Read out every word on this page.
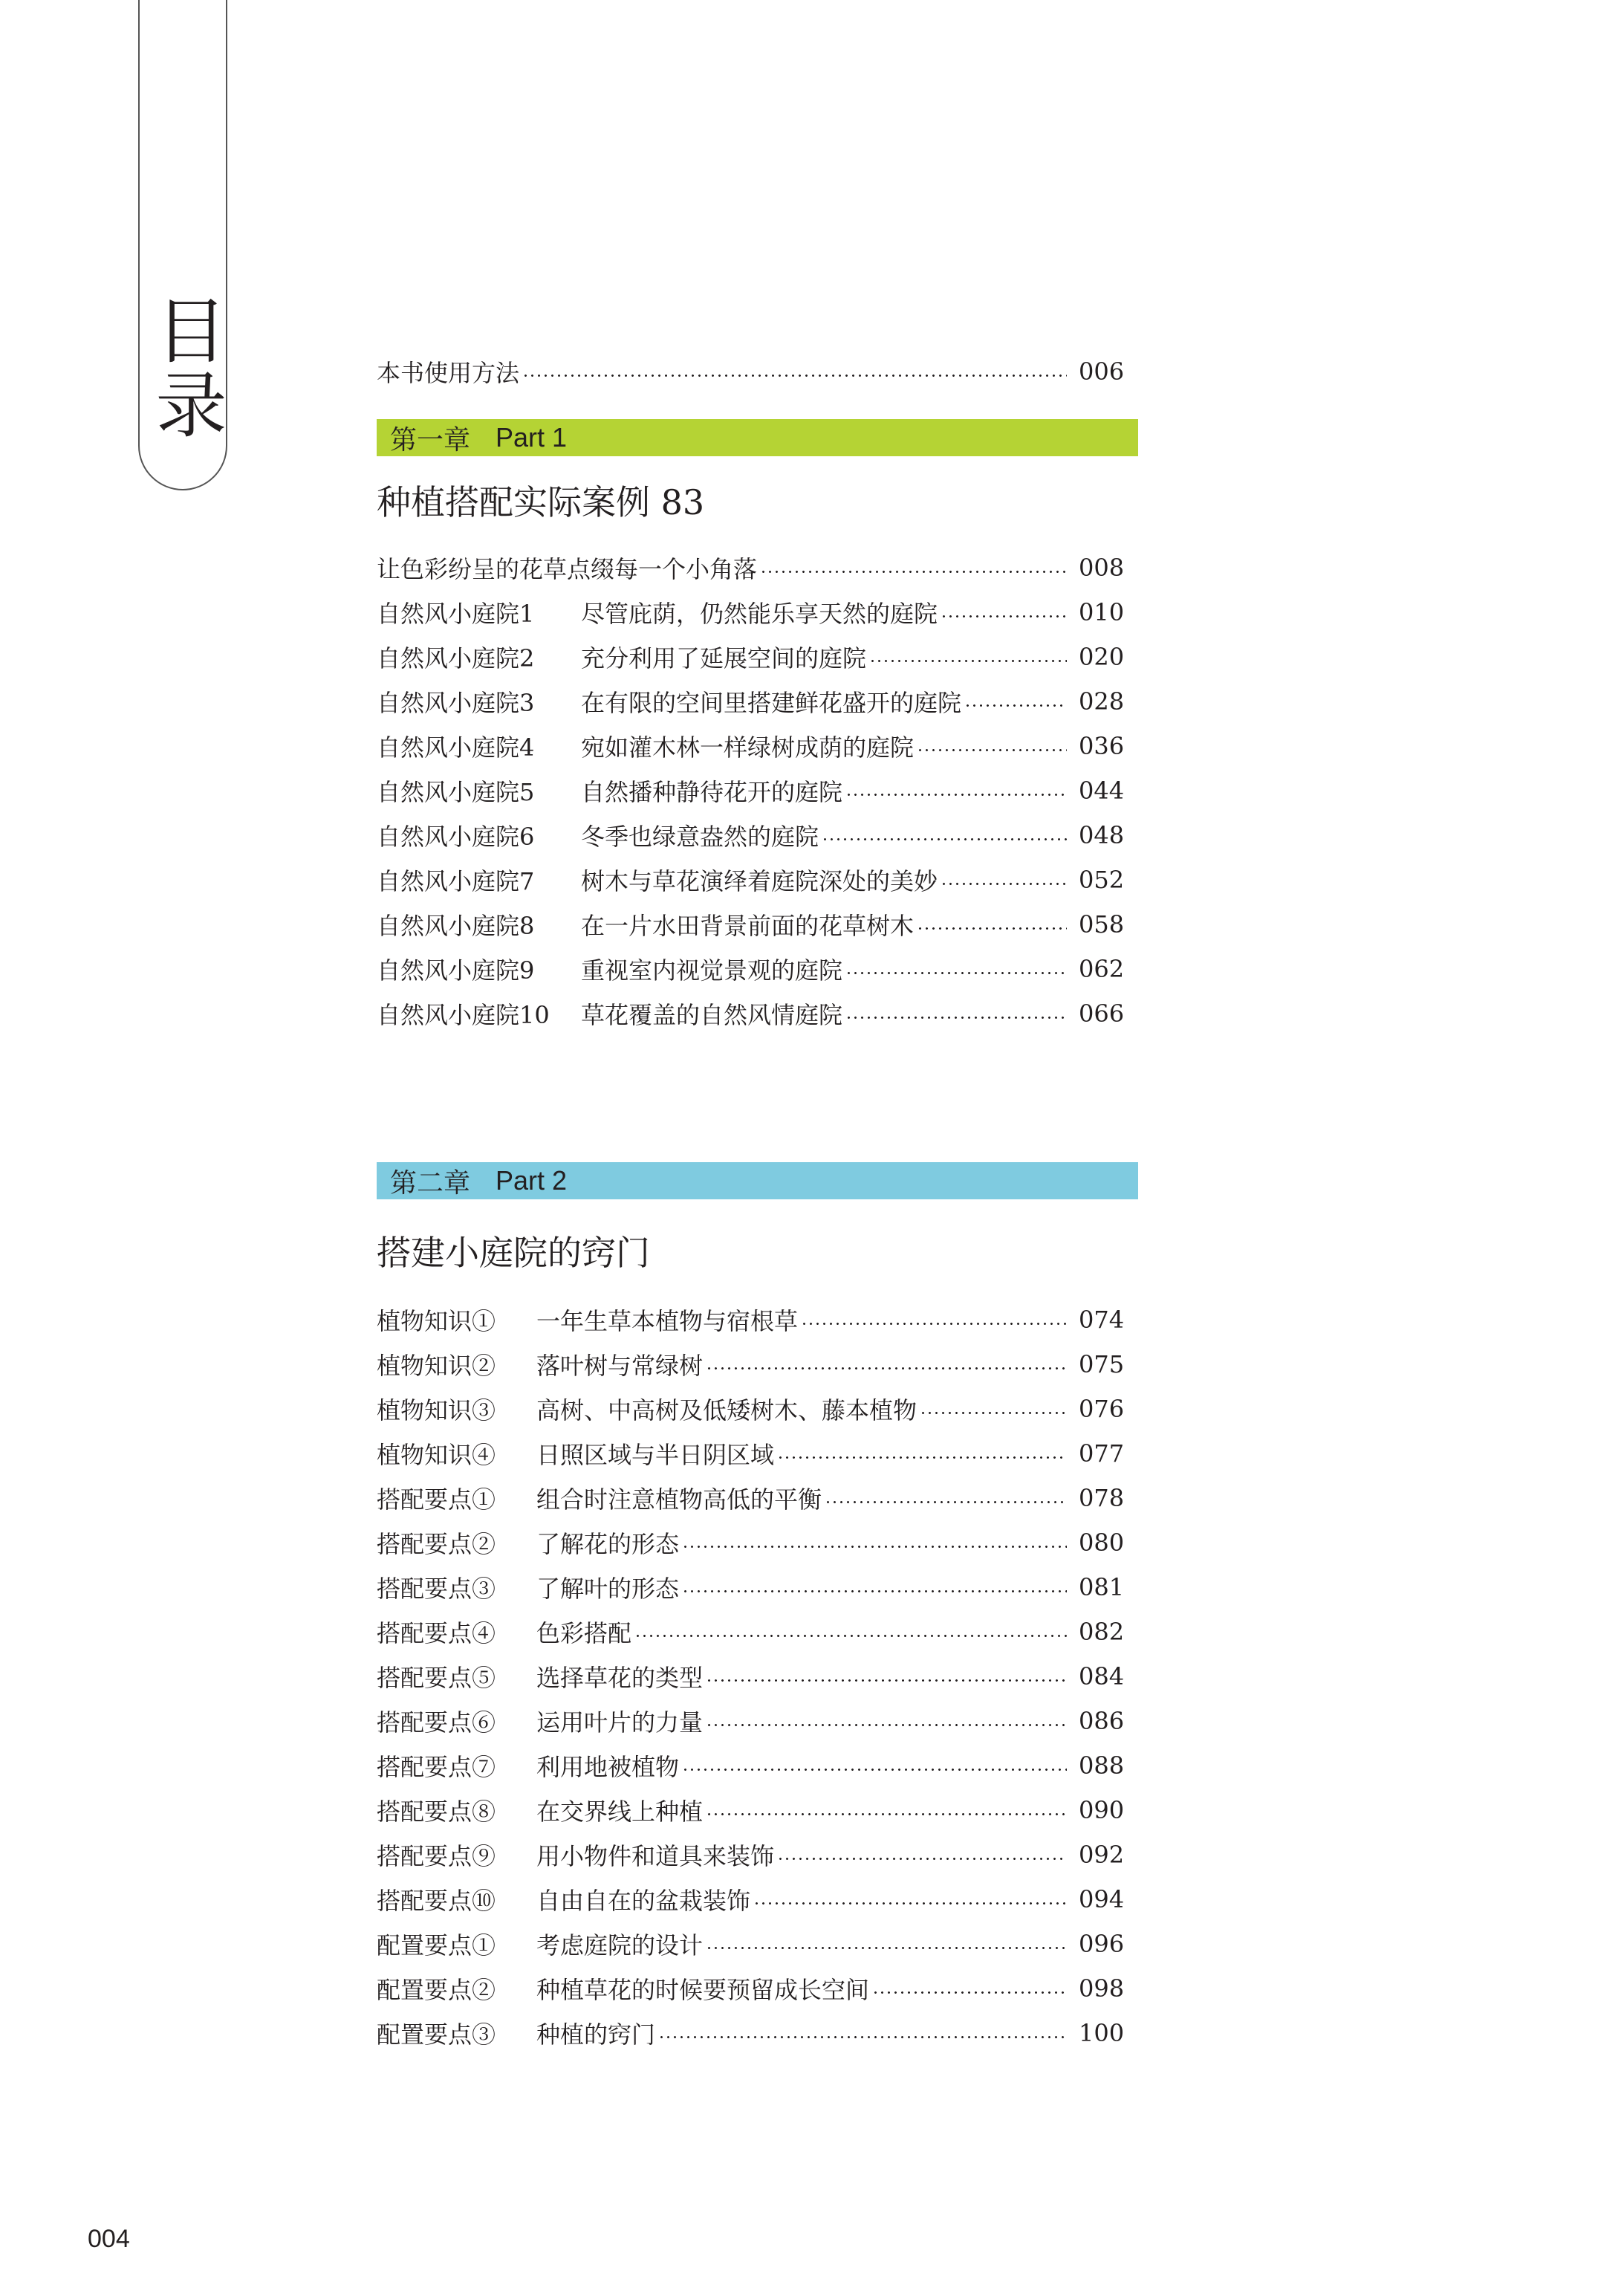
目录	本书使用方法	006
第一章 Part 1
种植搭配实际案例 83
让色彩纷呈的花草点缀每一个小角落	008
自然风小庭院1	尽管庇荫，仍然能乐享天然的庭院	010
自然风小庭院2	充分利用了延展空间的庭院	020
自然风小庭院3	在有限的空间里搭建鲜花盛开的庭院	028
自然风小庭院4	宛如灌木林一样绿树成荫的庭院	036
自然风小庭院5	自然播种静待花开的庭院	044
自然风小庭院6	冬季也绿意盎然的庭院	048
自然风小庭院7	树木与草花演绎着庭院深处的美妙	052
自然风小庭院8	在一片水田背景前面的花草树木	058
自然风小庭院9	重视室内视觉景观的庭院	062
自然风小庭院10	草花覆盖的自然风情庭院	066
第二章 Part 2
搭建小庭院的窍门
植物知识①	一年生草本植物与宿根草	074
植物知识②	落叶树与常绿树	075
植物知识③	高树、中高树及低矮树木、藤本植物	076
植物知识④	日照区域与半日阴区域	077
搭配要点①	组合时注意植物高低的平衡	078
搭配要点②	了解花的形态	080
搭配要点③	了解叶的形态	081
搭配要点④	色彩搭配	082
搭配要点⑤	选择草花的类型	084
搭配要点⑥	运用叶片的力量	086
搭配要点⑦	利用地被植物	088
搭配要点⑧	在交界线上种植	090
搭配要点⑨	用小物件和道具来装饰	092
搭配要点⑩	自由自在的盆栽装饰	094
配置要点①	考虑庭院的设计	096
配置要点②	种植草花的时候要预留成长空间	098
配置要点③	种植的窍门	100
004
